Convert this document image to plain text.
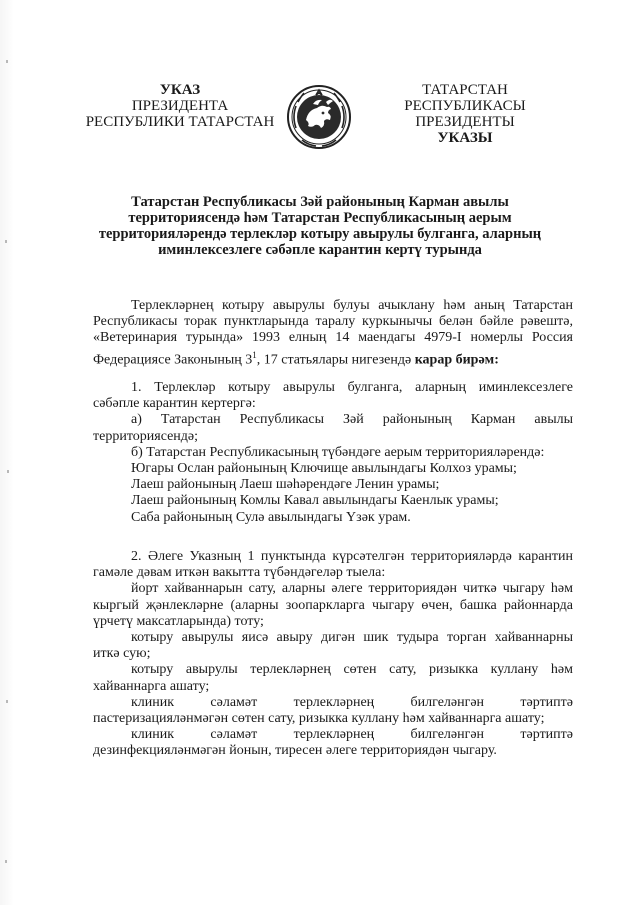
УКАЗ
ПРЕЗИДЕНТА
РЕСПУБЛИКИ ТАТАРСТАН
ТАТАРСТАН РЕСПУБЛИКАСЫ
ПРЕЗИДЕНТЫ
УКАЗЫ
Татарстан Республикасы Зәй районының Карман авылы
территориясендә һәм Татарстан Республикасының аерым
территорияләрендә терлекләр котыру авырулы булганга, аларның
иминлексезлеге сәбәпле карантин кертү турында
Терлекләрнең котыру авырулы булуы ачыклану һәм аның Татарстан
Республикасы торак пунктларында таралу куркынычы белән бәйле рәвештә,
«Ветеринария турында» 1993 елның 14 маендагы 4979-I номерлы Россия
Федерациясе Законының $3^1$, 17 статьялары нигезендә карар бирәм:
1. Терлекләр котыру авырулы булганга, аларның иминлексезлеге
сәбәпле карантин кертергә:
а) Татарстан Республикасы Зәй районының Карман авылы
территориясендә;
б) Татарстан Республикасының түбәндәге аерым территорияләрендә:
Югары Ослан районының Ключище авылындагы Колхоз урамы;
Лаеш районының Лаеш шәһәрендәге Ленин урамы;
Лаеш районының Комлы Кавал авылындагы Каенлык урамы;
Саба районының Сулә авылындагы Үзәк урам.
2. Әлеге Указның 1 пунктында күрсәтелгән территорияләрдә карантин
гамәле дәвам иткән вакытта түбәндәгеләр тыела:
йорт хайваннарын сату, аларны әлеге территориядән читкә чыгару һәм
кыргый җәнлекләрне (аларны зоопаркларга чыгару өчен, башка районнарда
үрчетү максатларында) тоту;
котыру авырулы яисә авыру дигән шик тудыра торган хайваннарны
иткә сую;
котыру авырулы терлекләрнең сөтен сату, ризыкка куллану һәм
хайваннарга ашату;
клиник сәламәт терлекләрнең билгеләнгән тәртиптә
пастеризацияләнмәгән сөтен сату, ризыкка куллану һәм хайваннарга ашату;
клиник сәламәт терлекләрнең билгеләнгән тәртиптә
дезинфекцияләнмәгән йонын, тиресен әлеге территориядән чыгару.
